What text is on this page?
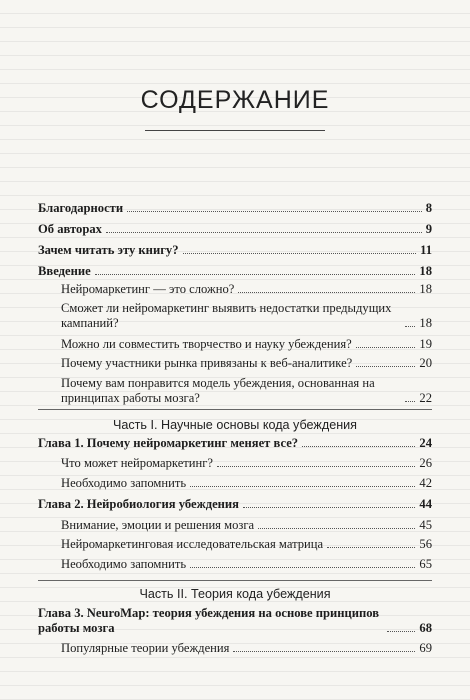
СОДЕРЖАНИЕ
Благодарности	8
Об авторах	9
Зачем читать эту книгу?	11
Введение	18
Нейромаркетинг — это сложно?	18
Сможет ли нейромаркетинг выявить недостатки предыдущих кампаний?	18
Можно ли совместить творчество и науку убеждения?	19
Почему участники рынка привязаны к веб-аналитике?	20
Почему вам понравится модель убеждения, основанная на принципах работы мозга?	22
Часть I. Научные основы кода убеждения
Глава 1. Почему нейромаркетинг меняет все?	24
Что может нейромаркетинг?	26
Необходимо запомнить	42
Глава 2. Нейробиология убеждения	44
Внимание, эмоции и решения мозга	45
Нейромаркетинговая исследовательская матрица	56
Необходимо запомнить	65
Часть II. Теория кода убеждения
Глава 3. NeuroMap: теория убеждения на основе принципов работы мозга	68
Популярные теории убеждения	69
